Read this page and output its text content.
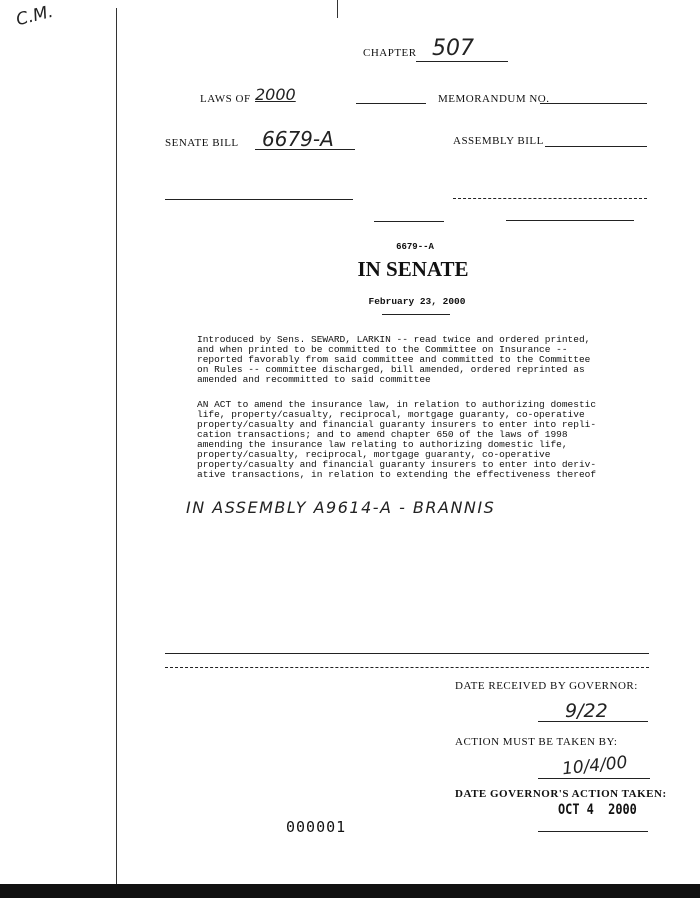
C.M.
CHAPTER 507
LAWS OF 2000	MEMORANDUM NO.
SENATE BILL 6679-A	ASSEMBLY BILL
6679--A
IN SENATE
February 23, 2000
Introduced by Sens. SEWARD, LARKIN -- read twice and ordered printed,
and when printed to be committed to the Committee on Insurance --
reported favorably from said committee and committed to the Committee
on Rules -- committee discharged, bill amended, ordered reprinted as
amended and recommitted to said committee
AN ACT to amend the insurance law, in relation to authorizing domestic
life, property/casualty, reciprocal, mortgage guaranty, co-operative
property/casualty and financial guaranty insurers to enter into repli-
cation transactions; and to amend chapter 650 of the laws of 1998
amending the insurance law relating to authorizing domestic life,
property/casualty, reciprocal, mortgage guaranty, co-operative
property/casualty and financial guaranty insurers to enter into deriv-
ative transactions, in relation to extending the effectiveness thereof
IN ASSEMBLY A9614-A - BRANNIS
DATE RECEIVED BY GOVERNOR:
9/22
ACTION MUST BE TAKEN BY:
10/4/00
DATE GOVERNOR'S ACTION TAKEN:
OCT 4  2000
000001
